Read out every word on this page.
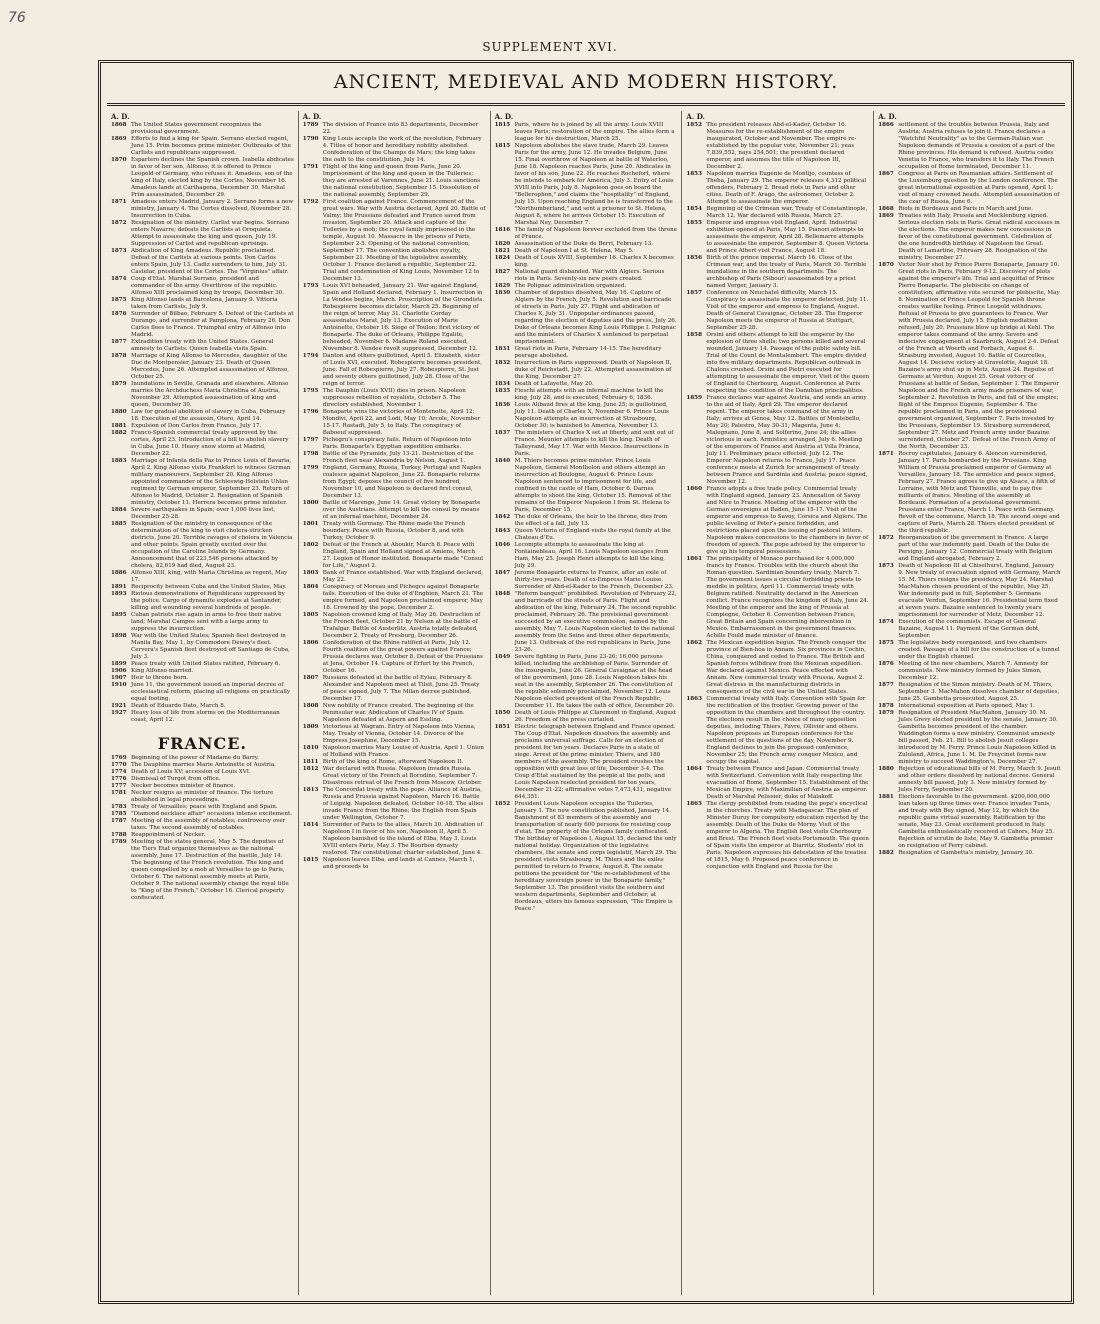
76
SUPPLEMENT XVI.
ANCIENT, MEDIEVAL AND MODERN HISTORY.
A. D.
1868 The United States government recognizes the provisional government.
1869 Efforts to find a king for Spain. Serrano elected regent, June 15. Prim becomes prime minister. Outbreaks of the Carlists and republicans suppressed.
1870 Espartero declines the Spanish crown. Isabella abdicates in favor of her son, Alfonso; it is offered to Prince Leopold of Germany, who refuses it. Amadeus, son of the king of Italy, elected king by the Cortes, November 16. Amadeus lands at Carthagena, December 30. Marshal Prim assassinated, December 29.
1871 Amadeus enters Madrid, January 2. Serrano forms a new ministry, January 4. The Cortes dissolved, November 28. Insurrection in Cuba.
1872 Resignation of the ministry. Carlist war begins. Serrano enters Navarre; defeats the Carlists at Oroquieta. Attempt to assassinate the king and queen, July 19. Suppression of Carlist and republican uprisings.
1873 Abdication of King Amadeus. Republic proclaimed. Defeat of the Carlists at various points. Don Carlos enters Spain, July 13. Cadiz surrenders to him, July 31. Castelar, president of the Cortes. The "Virginius" affair.
1874 Coup d'Etat. Marshal Serrano, president and commander of the army. Overthrow of the republic. Alfonso XIII proclaimed king by troops, December 30.
1875 King Alfonso lands at Barcelona, January 9. Vittoria taken from Carlists, July 9.
1876 Surrender of Bilbao, February 5. Defeat of the Carlists at Durango, and surrender at Pamplona, February 26. Don Carlos flees to France. Triumphal entry of Alfonso into Madrid.
1877 Extradition treaty with the United States. General amnesty to Carlists. Queen Isabella visits Spain.
1878 Marriage of King Alfonso to Mercedes, daughter of the Duc de Montpensier, January 23. Death of Queen Mercedes, June 26. Attempted assassination of Alfonso, October 25.
1879 Inundations in Seville, Granada and elsewhere. Alfonso marries the Archduchess Maria Christina of Austria, November 29. Attempted assassination of king and queen, December 30.
1880 Law for gradual abolition of slavery in Cuba, February 18. Execution of the assassin, Otero, April 14.
1881 Expulsion of Don Carlos from France, July 17.
1882 Franco-Spanish commercial treaty approved by the cortes, April 23. Introduction of a bill to abolish slavery in Cuba, June 10. Heavy snow storm at Madrid, December 22.
1883 Marriage of Infanta della Paz to Prince Louis of Bavaria, April 2. King Alfonso visits Frankfort to witness German military manoeuvers, September 20. King Alfonso appointed commander of the Schleswig-Holstein Uhlan regiment by German emperor, September 23. Return of Alfonso to Madrid, October 2. Resignation of Spanish ministry, October 11. Herrera becomes prime minister.
1884 Severe earthquakes in Spain; over 1,000 lives lost, December 25-28.
1885 Resignation of the ministry in consequence of the determination of the king to visit cholera-stricken districts, June 20. Terrible ravages of cholera in Valencia and other points. Spain greatly excited over the occupation of the Caroline Islands by Germany. Announcement that of 223,546 persons attacked by cholera, 82,619 had died, August 23.
1886 Alfonso XIII, king, with Maria Christina as regent, May 17.
1891 Reciprocity between Cuba and the United States, May.
1893 Riotous demonstrations of Republicans suppressed by the police. Cargo of dynamite explodes at Santander, killing and wounding several hundreds of people.
1895 Cuban patriots rise again in arms to free their native land; Marshal Campos sent with a large army to suppress the insurrection.
1898 War with the United States; Spanish fleet destroyed in Manila Bay, May 1, by Commodore Dewey's fleet. Cervera's Spanish fleet destroyed off Santiago de Cuba, July 3.
1899 Peace treaty with United States ratified, February 6.
1906 King Alfonso married.
1907 Heir to throne born.
1910 June 11, the government issued an imperial decree of ecclesiastical reform, placing all religions on practically equal footing.
1921 Death of Eduardo Dato, March 8.
1927 Heavy loss of life from storms on the Mediterranean coast, April 12.
FRANCE.
1769 Beginning of the power of Madame du Barry.
1770 The Dauphine marries Marie Antoinette of Austria.
1774 Death of Louis XV; accession of Louis XVI.
1776 Dismissal of Turgot from office.
1777 Necker becomes minister of finance.
1781 Necker resigns as minister of finance. The torture abolished in legal proceedings.
1783 Treaty of Versailles; peace with England and Spain.
1785 "Diamond necklace affair" occasions intense excitement.
1787 Meeting of the assembly of notables; controversy over taxes. The second assembly of notables.
1788 Reappointment of Necker.
1789 Meeting of the states general, May 5. The deputies of the Tiers Etat organize themselves as the national assembly, June 17. Destruction of the bastile, July 14. The beginning of the French revolution. The king and queen compelled by a mob at Versailles to go to Paris, October 6. The national assembly meets at Paris, October 9. The national assembly change the royal title to "King of the French," October 16. Clerical property confiscated.
A. D.
1789 The division of France into 83 departments, December 22.
1790 King Louis accepts the work of the revolution, February 4. Titles of honor and hereditary nobility abolished. Confederation of the Champs de Mars; the king takes the oath to the constitution, July 14.
1791 Flight of the king and queen from Paris, June 20. Imprisonment of the king and queen in the Tuileries; they are arrested at Varennes, June 21. Louis sanctions the national constitution, September 15. Dissolution of the national assembly, September 29.
1792 First coalition against France. Commencement of the great wars. War with Austria declared, April 20. Battle of Valmy; the Prussians defeated and France saved from invasion, September 20. Attack and capture of the Tuileries by a mob; the royal family imprisoned in the temple, August 10. Massacre in the prisons of Paris, September 2-5. Opening of the national convention, September 17. The convention abolishes royalty, September 21. Meeting of the legislative assembly, October 1. France declared a republic, September 22. Trial and condemnation of King Louis, November 12 to December 13.
1793 Louis XVI beheaded, January 21. War against England, Spain and Holland declared, February 1. Insurrection in La Vendee begins, March. Proscription of the Girondists. Robespierre becomes dictator, March 25. Beginning of the reign of terror, May 31. Charlotte Corday assassinates Marat, July 13. Execution of Marie Antoinette, October 16. Siege of Toulon; first victory of Bonaparte. The duke of Orleans, Philippe Egalite, beheaded, November 6. Madame Roland executed, November 8. Vendee revolt suppressed, December 12.
1794 Danton and others guillotined, April 5. Elizabeth, sister of Louis XVI, executed. Robespierre becomes president, June. Fall of Robespierre, July 27. Robespierre, St. Just and seventy others guillotined, July 28. Close of the reign of terror.
1795 The Dauphin (Louis XVII) dies in prison. Napoleon suppresses rebellion of royalists, October 5. The directory established, November 1.
1796 Bonaparte wins the victories of Montenotte, April 12; Mondivi, April 22, and Lodi, May 10; Arcole, November 15-17. Rastadt, July 5, to Italy. The conspiracy of Baboeuf suppressed.
1797 Pichegru's conspiracy fails. Return of Napoleon into Paris. Bonaparte's Egyptian expedition embarks.
1798 Battle of the Pyramids, July 13-21. Destruction of the French fleet near Alexandria by Nelson, August 1.
1799 England, Germany, Russia, Turkey, Portugal and Naples coalesce against Napoleon, June 22. Bonaparte returns from Egypt; deposes the council of five hundred, November 10, and Napoleon is declared first consul, December 13.
1800 Battle of Marengo, June 14. Great victory by Bonaparte over the Austrians. Attempt to kill the consul by means of an infernal machine, December 24.
1801 Treaty with Germany. The Rhine made the French boundary. Peace with Russia, October 8, and with Turkey, October 9.
1802 Defeat of the French at Aboukir, March 8. Peace with England, Spain and Holland signed at Amiens, March 27. Legion of Honor instituted. Bonaparte made "Consul for Life," August 2.
1803 Bank of France established. War with England declared, May 22.
1804 Conspiracy of Moreau and Pichegru against Bonaparte fails. Execution of the duke of d'Enghien, March 21. The empire formed, and Napoleon proclaimed emperor, May 18. Crowned by the pope, December 2.
1805 Napoleon crowned king of Italy, May 26. Destruction of the French fleet, October 21 by Nelson at the battle of Trafalgar. Battle of Austerlitz. Austria totally defeated, December 2. Treaty of Presburg, December 26.
1806 Confederation of the Rhine ratified at Paris, July 12. Fourth coalition of the great powers against France; Prussia declares war, October 8. Defeat of the Prussians at Jena, October 14. Capture of Erfurt by the French, October 16.
1807 Russians defeated at the battle of Eylau, February 8. Alexander and Napoleon meet at Tilsit, June 25. Treaty of peace signed, July 7. The Milan decree published, December 17.
1808 New nobility of France created. The beginning of the Peninsular war. Abdication of Charles IV of Spain. Napoleon defeated at Aspern and Essling.
1809 Victorious at Wagram. Entry of Napoleon into Vienna, May. Treaty of Vienna, October 14. Divorce of the Empress Josephine, December 15.
1810 Napoleon marries Mary Louise of Austria, April 1. Union of Holland with France.
1811 Birth of the king of Rome, afterward Napoleon II.
1812 War declared with Russia. Napoleon invades Russia. Great victory of the French at Borodino, September 7. Disastrous retreat of the French from Moscow, October.
1813 The Concordat treaty with the pope. Alliance of Austria, Russia and Prussia against Napoleon, March 16. Battle of Leipzig. Napoleon defeated, October 16-18. The allies invade France from the Rhine; the English from Spain under Wellington, October 7.
1814 Surrender of Paris to the allies, March 30. Abdication of Napoleon I in favor of his son, Napoleon II, April 5. Napoleon banished to the island of Elba, May 3. Louis XVIII enters Paris, May 3. The Bourbon dynasty restored. The constitutional charter established, June 4.
1815 Napoleon leaves Elba, and lands at Cannes, March 1, and proceeds to
A. D.
1815 Paris, where he is joined by all the army. Louis XVIII leaves Paris; restoration of the empire. The allies form a league for his destruction, March 25.
1815 Napoleon abolishes the slave trade, March 29. Leaves Paris for the army, June 12. He invades Belgium, June 15. Final overthrow of Napoleon at battle of Waterloo, June 18. Napoleon reaches Paris, June 20. Abdicates in favor of his son, June 22. He reaches Rochefort, where he intends to embark for America, July 3. Entry of Louis XVIII into Paris, July 8. Napoleon goes on board the "Bellerophon," and claims the "hospitality" of England, July 15. Upon reaching England he is transferred to the "Northumberland," and sent a prisoner to St. Helena, August 8, where he arrives October 15. Execution of Marshal Ney, December 7.
1816 The family of Napoleon forever excluded from the throne of France.
1820 Assassination of the Duke de Berri, February 13.
1821 Death of Napoleon I at St. Helena, May 5.
1824 Death of Louis XVIII, September 16. Charles X becomes king.
1827 National guard disbanded. War with Algiers. Serious riots in Paris. Seventy-six new peers created.
1829 The Polignac administration organized.
1830 Chamber of deputies dissolved, May 16. Capture of Algiers by the French, July 5. Revolution and barricade of streets in Paris, July 27. Flight and abdication of Charles X, July 31. Unpopular ordinances passed, regarding the election of deputies and the press, July 26. Duke of Orleans becomes King Louis Philippe I. Polignac and the ministers of Charles X sentenced to perpetual imprisonment.
1831 Great riots in Paris, February 14-15. The hereditary peerage abolished.
1832 Insurrection in Paris suppressed. Death of Napoleon II, duke of Reichstadt, July 22. Attempted assassination of the King, December 27.
1834 Death of Lafayette, May 20.
1835 Fieschi attempts with an infernal machine to kill the king, July 28, and is executed, February 6, 1836.
1836 Louis Alibaud fires at the king, June 25; is guillotined, July 11. Death of Charles X, November 6. Prince Louis Napoleon attempts an insurrection at Strasbourg, October 30; is banished to America, November 13.
1837 The ministers of Charles X set at liberty, and sent out of France. Meunier attempts to kill the king. Death of Talleyrand, May 17. War with Mexico. Insurrections in Paris.
1840 M. Thiers becomes prime minister. Prince Louis Napoleon, General Montholon and others attempt an insurrection at Boulogne, August 6. Prince Louis Napoleon sentenced to imprisonment for life, and confined in the castle of Ham, October 6. Darnes attempts to shoot the king, October 15. Removal of the remains of the Emperor Napoleon I from St. Helena to Paris, December 15.
1842 The duke of Orleans, the heir to the throne, dies from the effect of a fall, July 13.
1843 Queen Victoria of England visits the royal family at the Chateau d'Eu.
1846 Lecompte attempts to assassinate the king at Fontainebleau, April 16. Louis Napoleon escapes from Ham, May 25. Joseph Henri attempts to kill the king, July 29.
1847 Jerome Bonaparte returns to France, after an exile of thirty-two years. Death of ex-Empress Marie Louise. Surrender of Abd-el-Kader to the French, December 23.
1848 "Reform banquet" prohibited. Revolution of February 22, and barricade of the streets of Paris. Flight and abdication of the king, February 24. The second republic proclaimed, February 26. The provisional government succeeded by an executive commission, named by the assembly, May 7. Louis Napoleon elected to the national assembly from the Seine and three other departments, June 13. Outbreak of the red republicans in Paris, June 23-26.
1849 Severe fighting in Paris, June 23-26; 16,000 persons killed, including the archbishop of Paris. Surrender of the insurgents, June 26. General Cavaignac at the head of the government, June 28. Louis Napoleon takes his seat in the assembly, September 26. The constitution of the republic solemnly proclaimed, November 12. Louis Napoleon elected president of the French Republic, December 11. He takes the oath of office, December 20.
1850 Death of Louis Philippe at Claremont in England, August 26. Freedom of the press curtailed.
1851 Electric telegraph between England and France opened. The Coup d'Etat. Napoleon dissolves the assembly and proclaims universal suffrage. Calls for an election of president for ten years. Declares Paris in a state of siege. Arrest of the prime minister, Thiers, and 180 members of the assembly. The president crushes the opposition with great loss of life, December 3-4. The Coup d'Etat sustained by the people at the polls, and Louis Napoleon reelected president for ten years, December 21-22; affirmative votes 7,473,431, negative 644,351.
1852 President Louis Napoleon occupies the Tuileries, January 1. The new constitution published, January 14. Banishment of 83 members of the assembly and transportation of nearly 600 persons for resisting coup d'etat. The property of the Orleans family confiscated. The birthday of Napoleon I, August 15, declared the only national holiday. Organization of the legislative chambers, the senate and corps legislatif, March 29. The president visits Strasbourg. M. Thiers and the exiles permitted to return to France, August 8. The senate petitions the president for "the re-establishment of the hereditary sovereign power in the Bonaparte family," September 13. The president visits the southern and western departments, September and October; at Bordeaux, utters his famous expression, "The Empire is Peace."
A. D.
1852 The president releases Abd-el-Kader, October 16. Measures for the re-establishment of the empire inaugurated, October and November. The empire re-established by the popular vote, November 21; yeas 7,839,552, nays 254,501; the president declared emperor, and assumes the title of Napoleon III, December 2.
1853 Napoleon marries Eugenie de Montijo, countess of Theba, January 29. The emperor releases 4,312 political offenders, February 2. Bread riots in Paris and other cities. Death of F. Arago, the astronomer, October 2. Attempt to assassinate the emperor.
1854 Beginning of the Crimean war. Treaty of Constantinople, March 12. War declared with Russia, March 27.
1855 Emperor and empress visit England, April. Industrial exhibition opened at Paris, May 15. Pianori attempts to assassinate the emperor, April 28. Bellemarre attempts to assassinate the emperor, September 8. Queen Victoria and Prince Albert visit France, August 18.
1856 Birth of the prince imperial, March 16. Close of the Crimean war, and the treaty of Paris, March 30. Terrible inundations in the southern departments. The archbishop of Paris (Sibour) assassinated by a priest named Verger, January 3.
1857 Conference on Neuchatel difficulty, March 15. Conspiracy to assassinate the emperor detected, July 11. Visit of the emperor and empress to England, August. Death of General Cavaignac, October 28. The Emperor Napoleon meets the emperor of Russia at Stuttgart, September 25-28.
1858 Orsini and others attempt to kill the emperor by the explosion of three shells; two persons killed and several wounded, January 14. Passage of the public safety bill. Trial of the Count de Montalembert. The empire divided into five military departments. Republican outbreak in Chalons crushed. Orsini and Pietri executed for attempting to assassinate the emperor. Visit of the queen of England to Cherbourg, August. Conference at Paris respecting the condition of the Danubian principalities.
1859 France declares war against Austria, and sends an army to the aid of Italy, April 29. The emperor declared regent. The emperor takes command of the army in Italy; arrives at Genoa, May 12. Battles of Montebello, May 20; Palestro, May 30-31; Magenta, June 4; Malegnano, June 8, and Solferino, June 24; the allies victorious in each. Armistice arranged, July 6. Meeting of the emperors of France and Austria at Villa Franca, July 11. Preliminary peace effected, July 12. The Emperor Napoleon returns to France, July 17. Peace conference meets at Zurich for arrangement of treaty between France and Sardinia and Austria; peace signed, November 12.
1860 France adopts a free trade policy. Commercial treaty with England signed, January 23. Annexation of Savoy and Nice to France. Meeting of the emperor with the German sovereigns at Baden, June 15-17. Visit of the emperor and empress to Savoy, Corsica and Algiers. The public leveling of Peter's pence forbidden, and restrictions placed upon the issuing of pastoral letters. Napoleon makes concessions to the chambers in favor of freedom of speech. The pope advised by the emperor to give up his temporal possessions.
1861 The principality of Monaco purchased for 4,000,000 francs by France. Troubles with the church about the Roman question. Sardinian boundary treaty, March 7. The government issues a circular forbidding priests to meddle in politics, April 11. Commercial treaty with Belgium ratified. Neutrality declared in the American conflict. France recognizes the kingdom of Italy, June 24. Meeting of the emperor and the king of Prussia at Compiegne, October 6. Convention between France, Great Britain and Spain concerning intervention in Mexico. Embarrassment in the government finances. Achille Fould made minister of finance.
1862 The Mexican expedition begun. The French conquer the province of Bien-hoa in Annam. Six provinces in Cochin, China, conquered and ceded to France. The British and Spanish forces withdraw from the Mexican expedition. War declared against Mexico. Peace effected with Annam. New commercial treaty with Prussia, August 2. Great distress in the manufacturing districts in consequence of the civil war in the United States.
1863 Commercial treaty with Italy. Convention with Spain for the rectification of the frontier. Growing power of the opposition in the chambers and throughout the country. The elections result in the choice of many opposition deputies, including Thiers, Favre, Ollivier and others. Napoleon proposes an European conference for the settlement of the questions of the day, November 9. England declines to join the proposed conference, November 25; the French army conquer Mexico, and occupy the capital.
1864 Treaty between France and Japan. Commercial treaty with Switzerland. Convention with Italy respecting the evacuation of Rome, September 15. Establishment of the Mexican Empire, with Maximilian of Austria as emperor. Death of Marshal Pelissier, duke of Malakoff.
1865 The clergy prohibited from reading the pope's encyclical in the churches. Treaty with Madagascar. The plan of Minister Duruy for compulsory education rejected by the assembly. Death of the Duke de Morny. Visit of the emperor to Algeria. The English fleet visits Cherbourg and Brest. The French fleet visits Portsmouth. The queen of Spain visits the emperor at Biarritz. Students' riot in Paris. Napoleon expresses his detestation of the treaties of 1815, May 6. Proposed peace conference in conjunction with England and Russia for the
A. D.
1866 settlement of the troubles between Prussia, Italy and Austria; Austria refuses to join it. France declares a "Watchful Neutrality" as to the German-Italian war. Napoleon demands of Prussia a cession of a part of the Rhine provinces. His demand is refused. Austria cedes Venetia to France, who transfers it to Italy. The French occupation of Rome terminated, December 11.
1867 Congress at Paris on Roumanian affairs. Settlement of the Luxemburg question by the London conference. The great international exposition at Paris opened, April 1; visit of many crowned heads. Attempted assassination of the czar of Russia, June 6.
1868 Riots in Bordeaux and Paris in March and June.
1869 Treaties with Italy, Prussia and Mecklenburg signed. Serious election riots in Paris. Great radical successes in the elections. The emperor makes new concessions in favor of the constitutional government. Celebration of the one hundredth birthday of Napoleon the Great. Death of Lamartine, February 28. Resignation of the ministry, December 27.
1870 Victor Noir shot by Prince Pierre Bonaparte, January 10. Great riots in Paris, February 9-12. Discovery of plots against the emperor's life. Trial and acquittal of Prince Pierre Bonaparte. The plebiscite on change of constitution; affirmative vote secured for plebiscite, May 8. Nomination of Prince Leopold for Spanish throne creates warlike feeling. Prince Leopold withdraws. Refusal of Prussia to give guarantees to France. War with Prussia declared, July 15. English mediation refused, July 20. Prussians blow up bridge at Kehl. The emperor takes command of the army. Severe and indecisive engagement at Saarbruck, August 2-4. Defeat of the French at Woerth and Forbach, August 6. Strasburg invested, August 10. Battle of Courcelles, August 14. Decisive victory at Gravelotte, August 18. Bazaine's army shut up in Metz, August 24. Repulse of Germans at Verdun, August 25. Great victory of Prussians at battle of Sedan, September 1. The Emperor Napoleon and the French army made prisoners of war, September 2. Revolution in Paris, and fall of the empire; flight of the Empress Eugenie, September 4. The republic proclaimed in Paris, and the provisional government organized, September 7. Paris invested by the Prussians, September 19. Strasburg surrendered, September 27. Metz and French army under Bazaine surrendered, October 27. Defeat of the French Army of the North, December 23.
1871 Rocroy capitulates, January 6. Alencon surrendered, January 17. Paris bombarded by the Prussians. King William of Prussia proclaimed emperor of Germany at Versailles, January 18. The armistice and peace signed, February 27. France agrees to give up Alsace, a fifth of Lorraine, with Metz and Thionville, and to pay five milliards of francs. Meeting of the assembly at Bordeaux. Formation of a provisional government. Prussians enter France, March 1. Peace with Germany. Revolt of the commune, March 18. The second siege and capture of Paris, March 28. Thiers elected president of the third republic.
1872 Reorganization of the government in France. A large part of the war indemnity paid. Death of the Duke de Persigny, January 12. Commercial treaty with Belgium and England abrogated, February 2.
1873 Death of Napoleon III at Chiselhurst, England, January 9. New treaty of evacuation signed with Germany, March 15. M. Thiers resigns the presidency, May 24. Marshal MacMahon chosen president of the republic, May 25. War indemnity paid in full, September 5. Germans evacuate Verdun, September 16. Presidential term fixed at seven years. Bazaine sentenced to twenty years imprisonment for surrender of Metz, December 12.
1874 Execution of the communists. Escape of General Bazaine, August 11. Payment of the German debt, September.
1875 The legislative body reorganized, and two chambers created. Passage of a bill for the construction of a tunnel under the English channel.
1876 Meeting of the new chambers, March 7. Amnesty for communists. New ministry formed by Jules Simon, December 12.
1877 Resignation of the Simon ministry. Death of M. Thiers, September 3. MacMahon dissolves chamber of deputies, June 25. Gambetta prosecuted, August 25.
1878 International exposition at Paris opened, May 1.
1879 Resignation of President MacMahon, January 30. M. Jules Grevy elected president by the senate, January 30. Gambetta becomes president of the chamber. Waddington forms a new ministry. Communist amnesty bill passed, Feb. 21. Bill to abolish Jesuit colleges introduced by M. Ferry. Prince Louis Napoleon killed in Zululand, Africa, June 1. M. De Freycinet forms new ministry to succeed Waddington's, December 27.
1880 Rejection of educational bills of M. Ferry, March 9. Jesuit and other orders dissolved by national decree. General amnesty bill passed, July 3. New ministry formed by Jules Ferry, September 20.
1881 Elections favorable to the government. $200,000,000 loan taken up three times over. France invades Tunis, and treaty with Bey signed, May 12, by which the republic gains virtual suzerainty. Ratification by the senate, May 23. Great excitement produced in Italy. Gambetta enthusiastically received at Cahors, May 25. Rejection of scrutin de liste, May 9. Gambetta premier on resignation of Ferry cabinet.
1882 Resignation of Gambetta's ministry, January 30.
